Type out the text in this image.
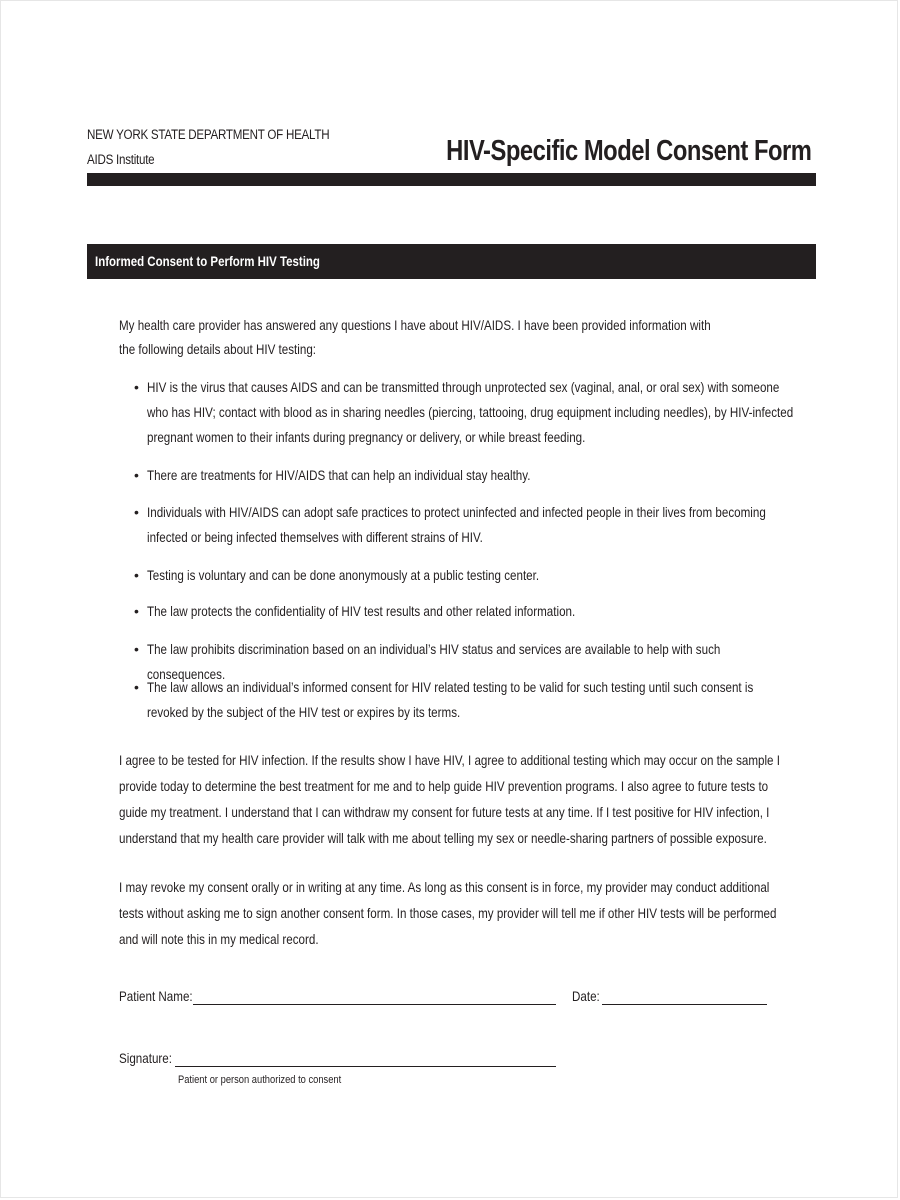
NEW YORK STATE DEPARTMENT OF HEALTH
AIDS Institute	HIV-Specific Model Consent Form
Informed Consent to Perform HIV Testing
My health care provider has answered any questions I have about HIV/AIDS. I have been provided information with the following details about HIV testing:
• HIV is the virus that causes AIDS and can be transmitted through unprotected sex (vaginal, anal, or oral sex) with someone who has HIV; contact with blood as in sharing needles (piercing, tattooing, drug equipment including needles), by HIV-infected pregnant women to their infants during pregnancy or delivery, or while breast feeding.
• There are treatments for HIV/AIDS that can help an individual stay healthy.
• Individuals with HIV/AIDS can adopt safe practices to protect uninfected and infected people in their lives from becoming infected or being infected themselves with different strains of HIV.
• Testing is voluntary and can be done anonymously at a public testing center.
• The law protects the confidentiality of HIV test results and other related information.
• The law prohibits discrimination based on an individual’s HIV status and services are available to help with such consequences.
• The law allows an individual’s informed consent for HIV related testing to be valid for such testing until such consent is revoked by the subject of the HIV test or expires by its terms.
I agree to be tested for HIV infection. If the results show I have HIV, I agree to additional testing which may occur on the sample I provide today to determine the best treatment for me and to help guide HIV prevention programs. I also agree to future tests to guide my treatment. I understand that I can withdraw my consent for future tests at any time. If I test positive for HIV infection, I understand that my health care provider will talk with me about telling my sex or needle-sharing partners of possible exposure.
I may revoke my consent orally or in writing at any time. As long as this consent is in force, my provider may conduct additional tests without asking me to sign another consent form. In those cases, my provider will tell me if other HIV tests will be performed and will note this in my medical record.
Patient Name:	Date:
Signature:
Patient or person authorized to consent
